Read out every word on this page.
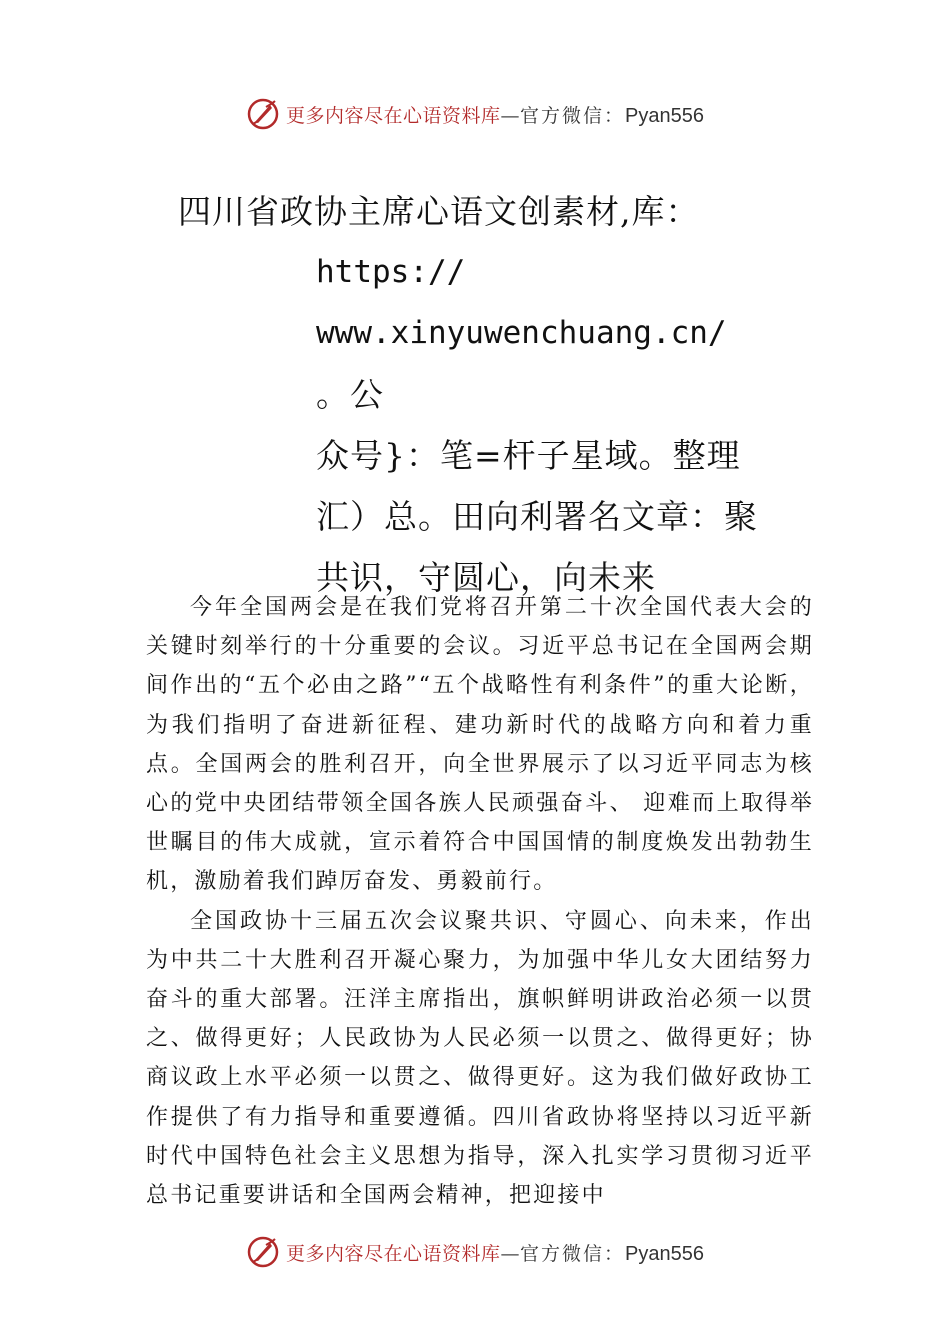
更多内容尽在心语资料库—官方微信：Pyan556
四川省政协主席心语文创素材,库：
https://
www.xinyuwenchuang.cn/
。公
众号}：笔=杆子星域。整理
汇）总。田向利署名文章：聚
共识，守圆心，向未来

今年全国两会是在我们党将召开第二十次全国代表大会的关键时刻举行的十分重要的会议。习近平总书记在全国两会期间作出的“五个必由之路”“五个战略性有利条件”的重大论断，为我们指明了奋进新征程、建功新时代的战略方向和着力重点。全国两会的胜利召开，向全世界展示了以习近平同志为核心的党中央团结带领全国各族人民顽强奋斗、 迎难而上取得举世瞩目的伟大成就，宣示着符合中国国情的制度焕发出勃勃生机，激励着我们踔厉奋发、勇毅前行。

全国政协十三届五次会议聚共识、守圆心、向未来，作出为中共二十大胜利召开凝心聚力，为加强中华儿女大团结努力奋斗的重大部署。汪洋主席指出，旗帜鲜明讲政治必须一以贯之、做得更好；人民政协为人民必须一以贯之、做得更好；协商议政上水平必须一以贯之、做得更好。这为我们做好政协工作提供了有力指导和重要遵循。四川省政协将坚持以习近平新时代中国特色社会主义思想为指导，深入扎实学习贯彻习近平总书记重要讲话和全国两会精神，把迎接中

更多内容尽在心语资料库—官方微信：Pyan556
